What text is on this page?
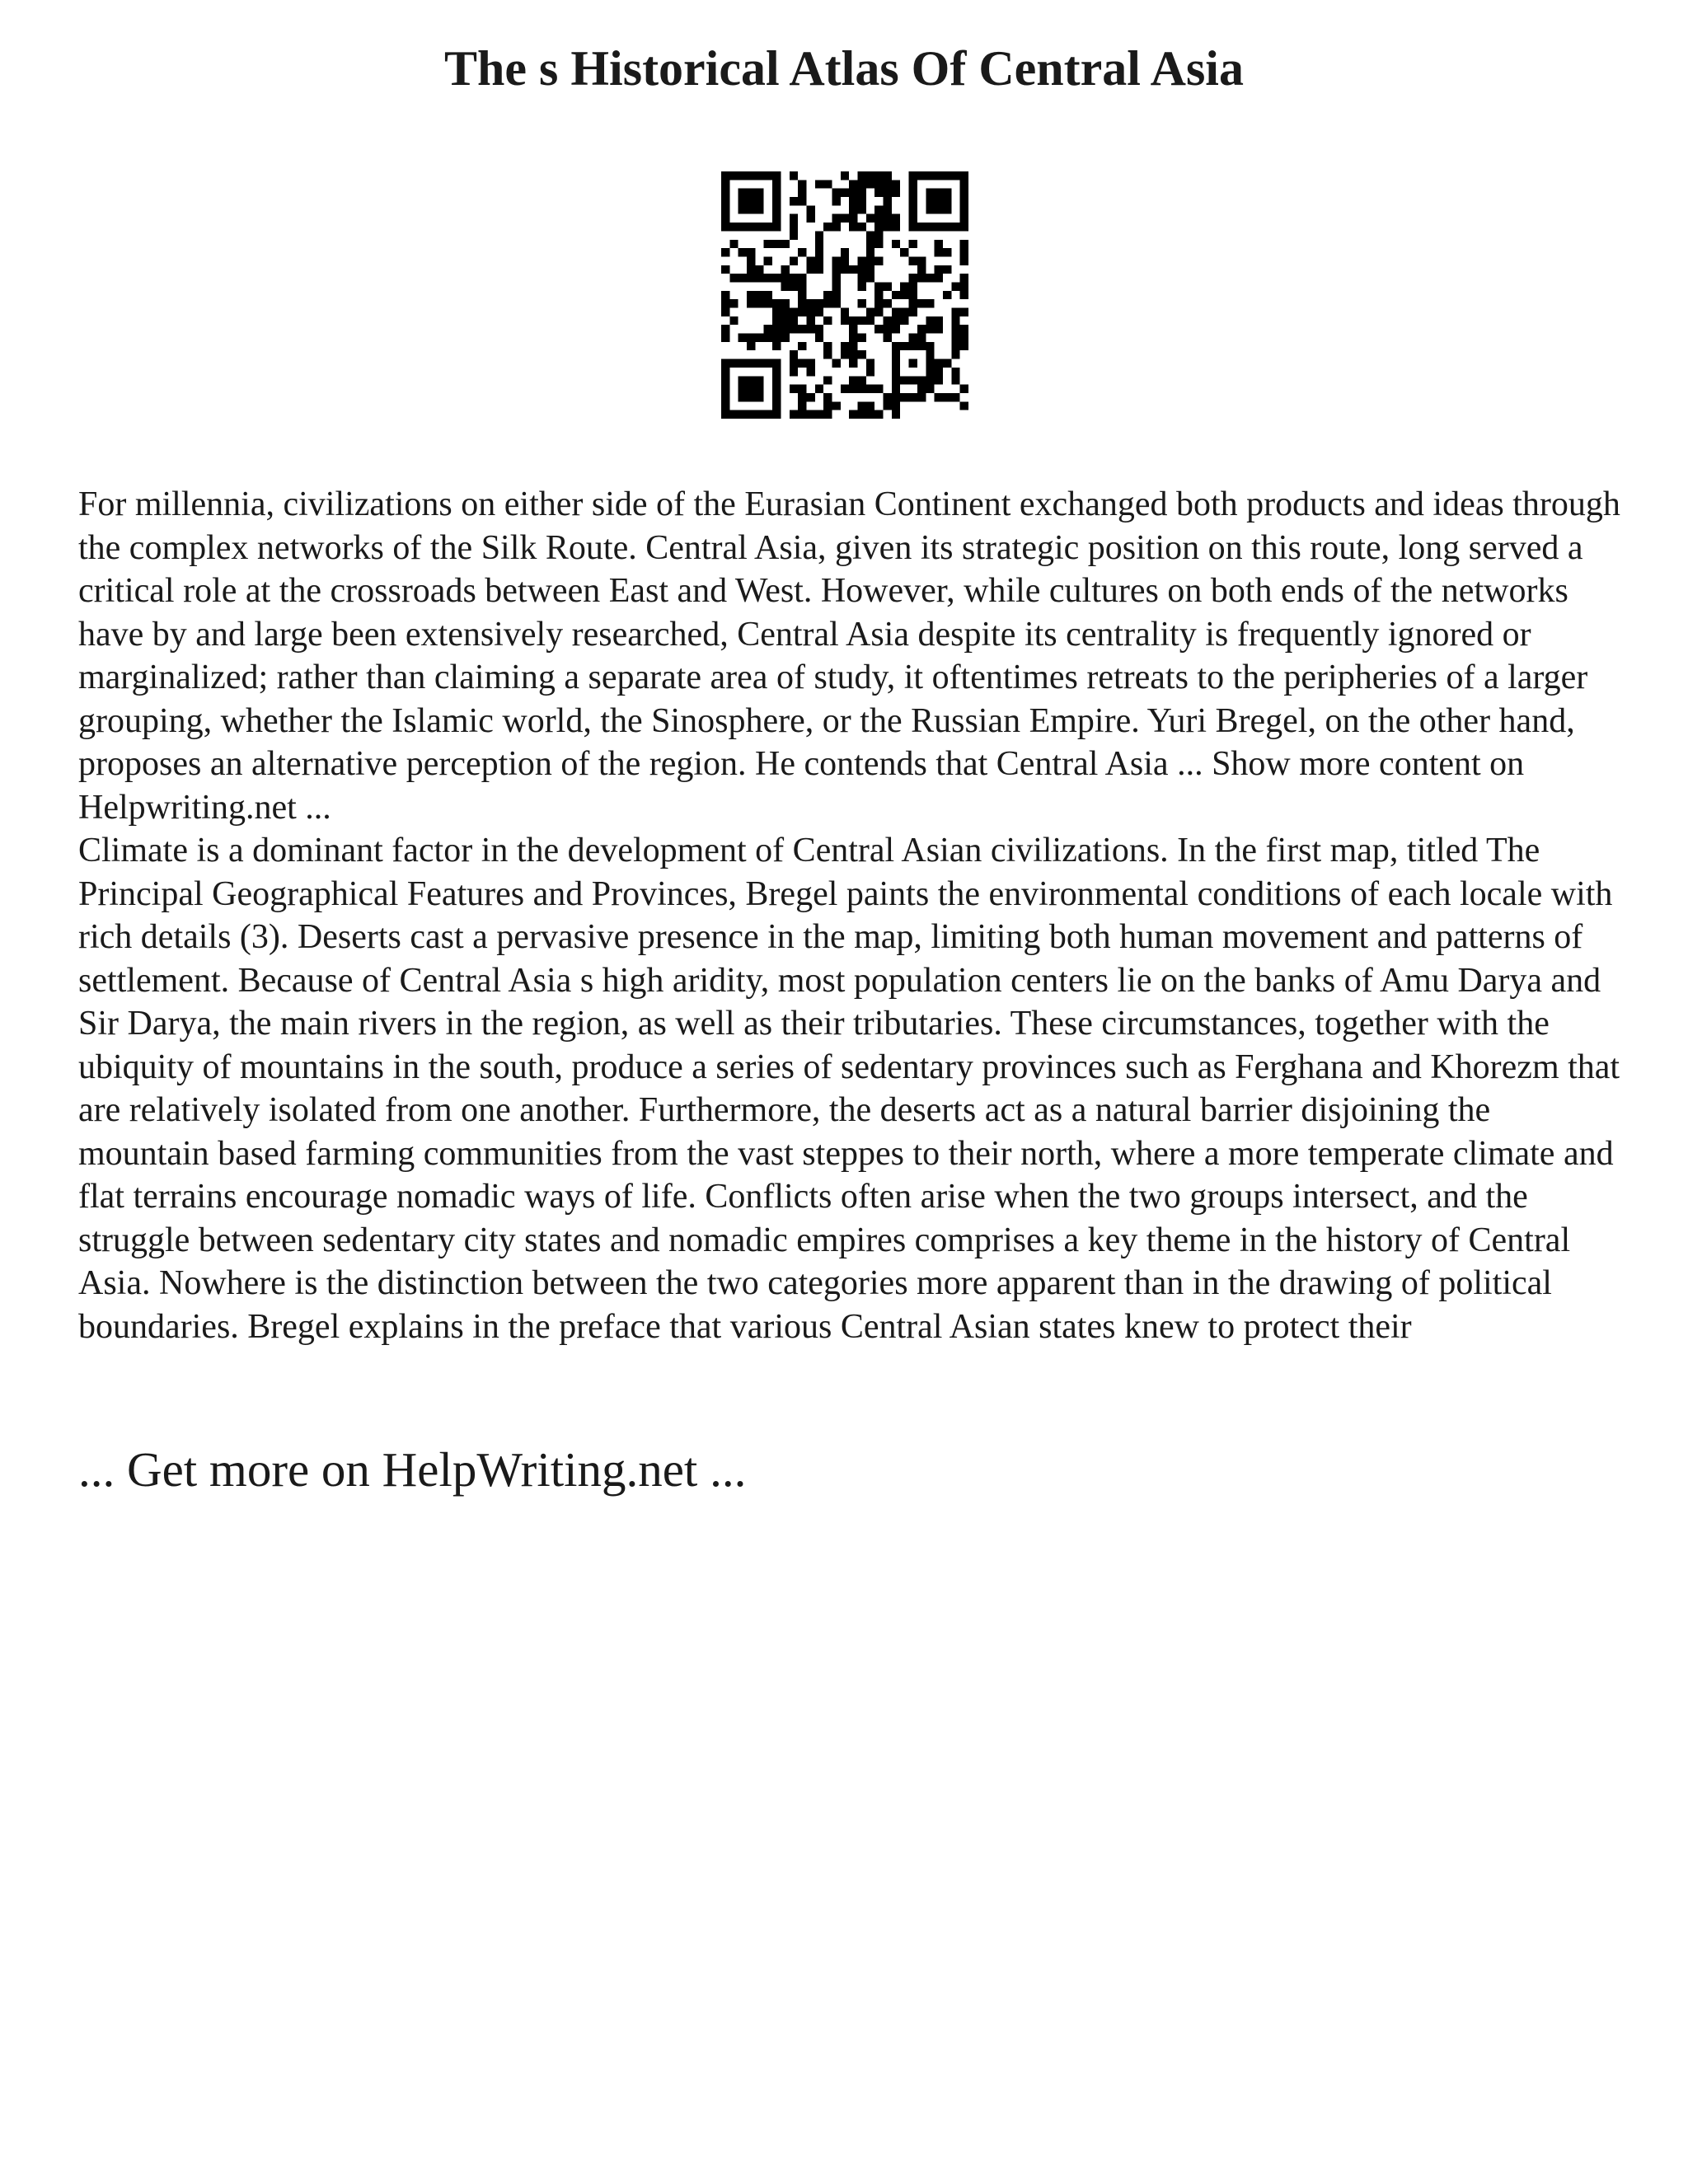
The s Historical Atlas Of Central Asia

For millennia, civilizations on either side of the Eurasian Continent exchanged both products and ideas through the complex networks of the Silk Route. Central Asia, given its strategic position on this route, long served a critical role at the crossroads between East and West. However, while cultures on both ends of the networks have by and large been extensively researched, Central Asia despite its centrality is frequently ignored or marginalized; rather than claiming a separate area of study, it oftentimes retreats to the peripheries of a larger grouping, whether the Islamic world, the Sinosphere, or the Russian Empire. Yuri Bregel, on the other hand, proposes an alternative perception of the region. He contends that Central Asia ... Show more content on Helpwriting.net ...

Climate is a dominant factor in the development of Central Asian civilizations. In the first map, titled The Principal Geographical Features and Provinces, Bregel paints the environmental conditions of each locale with rich details (3). Deserts cast a pervasive presence in the map, limiting both human movement and patterns of settlement. Because of Central Asia s high aridity, most population centers lie on the banks of Amu Darya and Sir Darya, the main rivers in the region, as well as their tributaries. These circumstances, together with the ubiquity of mountains in the south, produce a series of sedentary provinces such as Ferghana and Khorezm that are relatively isolated from one another. Furthermore, the deserts act as a natural barrier disjoining the mountain based farming communities from the vast steppes to their north, where a more temperate climate and flat terrains encourage nomadic ways of life. Conflicts often arise when the two groups intersect, and the struggle between sedentary city states and nomadic empires comprises a key theme in the history of Central Asia. Nowhere is the distinction between the two categories more apparent than in the drawing of political boundaries. Bregel explains in the preface that various Central Asian states knew to protect their

... Get more on HelpWriting.net ...
